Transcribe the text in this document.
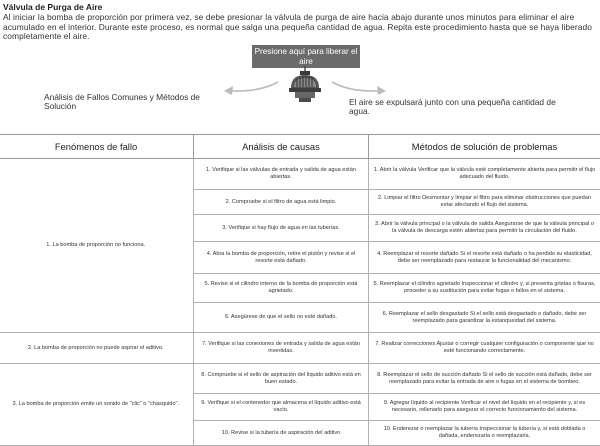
Válvula de Purga de Aire
Al iniciar la bomba de proporción por primera vez, se debe presionar la válvula de purga de aire hacia abajo durante unos minutos para eliminar el aire acumulado en el interior. Durante este proceso, es normal que salga una pequeña cantidad de agua. Repita este procedimiento hasta que se haya liberado completamente el aire.
Presione aquí para liberar el aire
Análisis de Fallos Comunes y Métodos de Solución	El aire se expulsará junto con una pequeña cantidad de agua.
Fenómenos de fallo	Análisis de causas	Métodos de solución de problemas
1. La bomba de proporción no funciona.	1. Verifique si las válvulas de entrada y salida de agua están abiertas.	1. Abrir la válvula Verificar que la válvula esté completamente abierta para permitir el flujo adecuado del fluido.
	2. Compruebe si el filtro de agua está limpio.	2. Limpiar el filtro Desmontar y limpiar el filtro para eliminar obstrucciones que puedan estar afectando el flujo del sistema.
	3. Verifique si hay flujo de agua en las tuberías.	3. Abrir la válvula principal o la válvula de salida Asegurarse de que la válvula principal o la válvula de descarga estén abiertas para permitir la circulación del fluido.
	4. Abra la bomba de proporción, retire el pistón y revise si el resorte está dañado.	4. Reemplazar el resorte dañado Si el resorte está dañado o ha perdido su elasticidad, debe ser reemplazado para restaurar la funcionalidad del mecanismo.
	5. Revise si el cilindro interno de la bomba de proporción está agrietado.	5. Reemplazar el cilindro agrietado Inspeccionar el cilindro y, si presenta grietas o fisuras, proceder a su sustitución para evitar fugas o fallos en el sistema.
	6. Asegúrese de que el sello no esté dañado.	6. Reemplazar el sello desgastado Si el sello está desgastado o dañado, debe ser reemplazado para garantizar la estanqueidad del sistema.
2. La bomba de proporción no puede aspirar el aditivo.	7. Verifique si las conexiones de entrada y salida de agua están invertidas.	7. Realizar correcciones Ajustar o corregir cualquier configuración o componente que no esté funcionando correctamente.
3. La bomba de proporción emite un sonido de "clic" o "chasquido".	8. Compruebe si el sello de aspiración del líquido aditivo está en buen estado.	8. Reemplazar el sello de succión dañado Si el sello de succión está dañado, debe ser reemplazado para evitar la entrada de aire o fugas en el sistema de bombeo.
	9. Verifique si el contenedor que almacena el líquido aditivo está vacío.	9. Agregar líquido al recipiente Verificar el nivel del líquido en el recipiente y, si es necesario, rellenarlo para asegurar el correcto funcionamiento del sistema.
	10. Revise si la tubería de aspiración del aditivo	10. Enderezar o reemplazar la tubería Inspeccionar la tubería y, si está doblada o dañada, enderezarla o reemplazarla.
